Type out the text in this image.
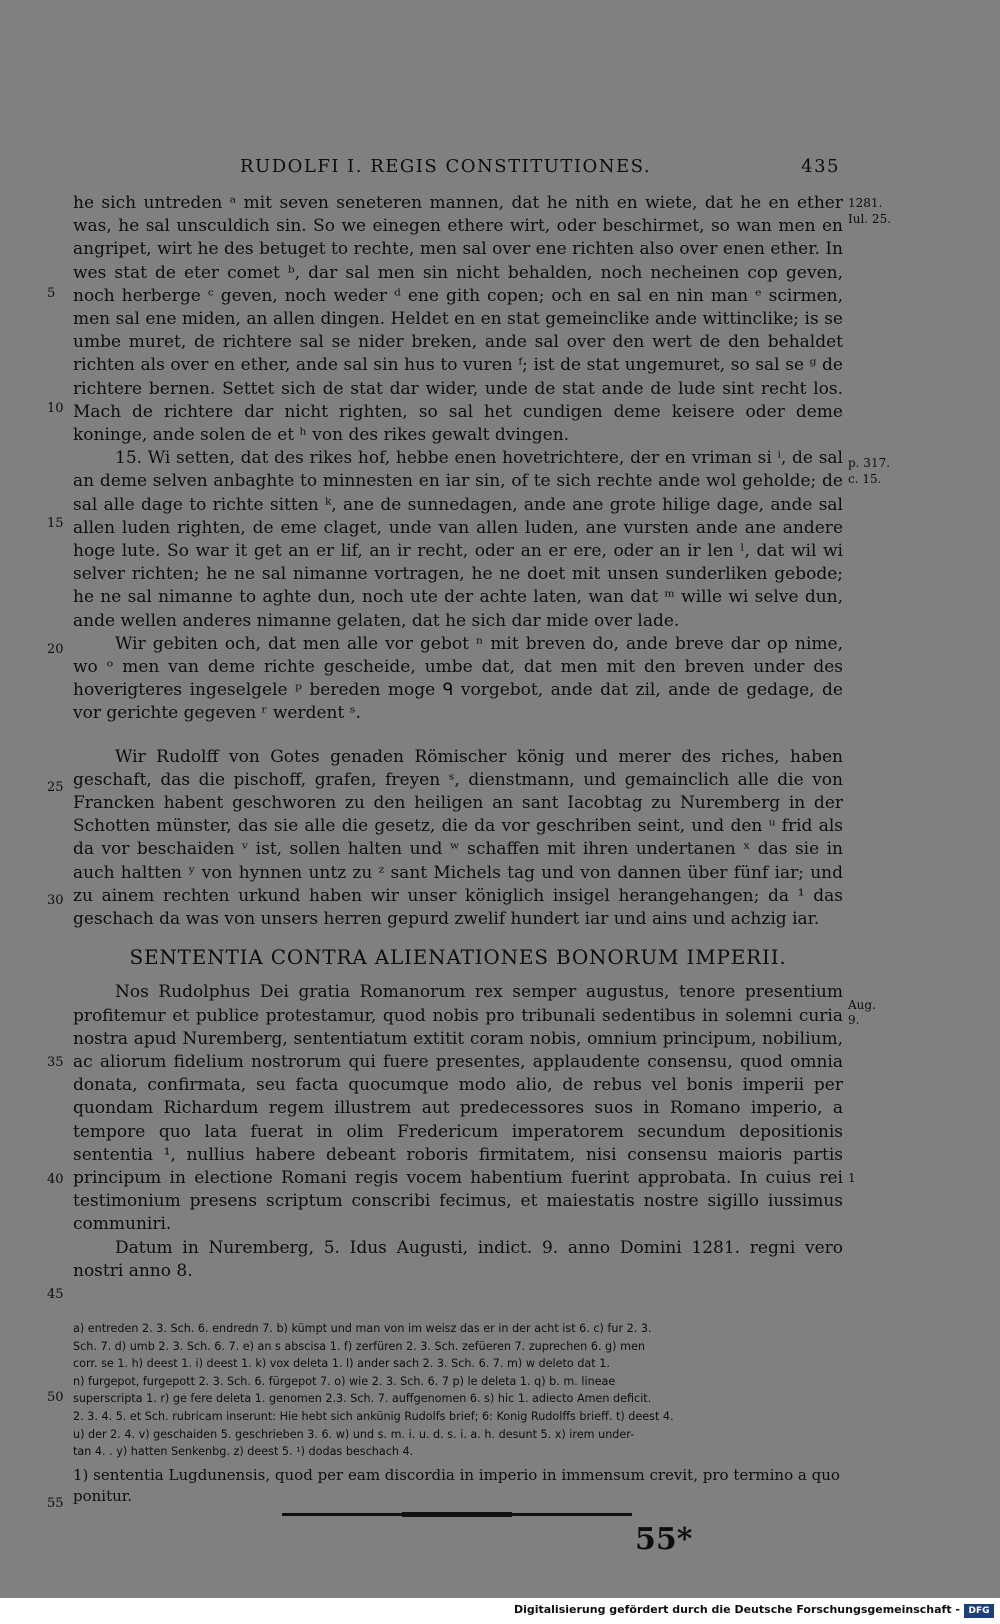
RUDOLFI I. REGIS CONSTITUTIONES.	435
1281.
Iul. 25.
p. 317.
c. 15.
Aug.
9.
1
5
10
15
20
25
30
35
40
45
50
55

he sich untreden ᵃ mit seven seneteren mannen, dat he nith en wiete, dat he en ether was, he sal unsculdich sin. So we einegen ethere wirt, oder beschirmet, so wan men en angripet, wirt he des betuget to rechte, men sal over ene richten also over enen ether. In wes stat de eter comet ᵇ, dar sal men sin nicht behalden, noch necheinen cop geven, noch herberge ᶜ geven, noch weder ᵈ ene gith copen; och en sal en nin man ᵉ scirmen, men sal ene miden, an allen dingen. Heldet en en stat gemeinclike ande wittinclike; is se umbe muret, de richtere sal se nider breken, ande sal over den wert de den behaldet richten als over en ether, ande sal sin hus to vuren ᶠ; ist de stat ungemuret, so sal se ᵍ de richtere bernen. Settet sich de stat dar wider, unde de stat ande de lude sint recht los. Mach de richtere dar nicht righten, so sal het cundigen deme keisere oder deme koninge, ande solen de et ʰ von des rikes gewalt dvingen.

15. Wi setten, dat des rikes hof, hebbe enen hovetrichtere, der en vriman si ⁱ, de sal an deme selven anbaghte to minnesten en iar sin, of te sich rechte ande wol geholde; de sal alle dage to richte sitten ᵏ, ane de sunnedagen, ande ane grote hilige dage, ande sal allen luden righten, de eme claget, unde van allen luden, ane vursten ande ane andere hoge lute. So war it get an er lif, an ir recht, oder an er ere, oder an ir len ˡ, dat wil wi selver richten; he ne sal nimanne vortragen, he ne doet mit unsen sunderliken gebode; he ne sal nimanne to aghte dun, noch ute der achte laten, wan dat ᵐ wille wi selve dun, ande wellen anderes nimanne gelaten, dat he sich dar mide over lade.

Wir gebiten och, dat men alle vor gebot ⁿ mit breven do, ande breve dar op nime, wo ᵒ men van deme richte gescheide, umbe dat, dat men mit den breven under des hoverigteres ingeselgele ᵖ bereden moge ᑫ vorgebot, ande dat zil, ande de gedage, de vor gerichte gegeven ʳ werdent ˢ.

Wir Rudolff von Gotes genaden Römischer könig und merer des riches, haben geschaft, das die pischoff, grafen, freyen ˢ, dienstmann, und gemainclich alle die von Francken habent geschworen zu den heiligen an sant Iacobtag zu Nuremberg in der Schotten münster, das sie alle die gesetz, die da vor geschriben seint, und den ᵘ frid als da vor beschaiden ᵛ ist, sollen halten und ʷ schaffen mit ihren undertanen ˣ das sie in auch haltten ʸ von hynnen untz zu ᶻ sant Michels tag und von dannen über fünf iar; und zu ainem rechten urkund haben wir unser königlich insigel herangehangen; da ¹ das geschach da was von unsers herren gepurd zwelif hundert iar und ains und achzig iar.

SENTENTIA CONTRA ALIENATIONES BONORUM IMPERII.

Nos Rudolphus Dei gratia Romanorum rex semper augustus, tenore presentium profitemur et publice protestamur, quod nobis pro tribunali sedentibus in solemni curia nostra apud Nuremberg, sententiatum extitit coram nobis, omnium principum, nobilium, ac aliorum fidelium nostrorum qui fuere presentes, applaudente consensu, quod omnia donata, confirmata, seu facta quocumque modo alio, de rebus vel bonis imperii per quondam Richardum regem illustrem aut predecessores suos in Romano imperio, a tempore quo lata fuerat in olim Fredericum imperatorem secundum depositionis sententia ¹, nullius habere debeant roboris firmitatem, nisi consensu maioris partis principum in electione Romani regis vocem habentium fuerint approbata. In cuius rei testimonium presens scriptum conscribi fecimus, et maiestatis nostre sigillo iussimus communiri.

Datum in Nuremberg, 5. Idus Augusti, indict. 9. anno Domini 1281. regni vero nostri anno 8.

a) entreden 2. 3. Sch. 6. endredn 7. b) kümpt und man von im weisz das er in der acht ist 6. c) fur 2. 3.

Sch. 7. d) umb 2. 3. Sch. 6. 7. e) an s abscisa 1. f) zerfüren 2. 3. Sch. zefüeren 7. zuprechen 6. g) men

corr. se 1. h) deest 1. i) deest 1. k) vox deleta 1. l) ander sach 2. 3. Sch. 6. 7. m) w deleto dat 1.

n) furgepot, furgepott 2. 3. Sch. 6. fürgepot 7. o) wie 2. 3. Sch. 6. 7 p) le deleta 1. q) b. m. lineae

superscripta 1. r) ge fere deleta 1. genomen 2.3. Sch. 7. auffgenomen 6. s) hic 1. adiecto Amen deficit.

2. 3. 4. 5. et Sch. rubricam inserunt: Hie hebt sich ankünig Rudolfs brief; 6: Konig Rudolffs brieff. t) deest 4.

u) der 2. 4. v) geschaiden 5. geschrieben 3. 6. w) und s. m. i. u. d. s. i. a. h. desunt 5. x) irem under-

tan 4. . y) hatten Senkenbg. z) deest 5. ¹) dodas beschach 4.

1) sententia Lugdunensis, quod per eam discordia in imperio in immensum crevit, pro termino a quo ponitur.

55*
Digitalisierung gefördert durch die Deutsche Forschungsgemeinschaft - DFG
